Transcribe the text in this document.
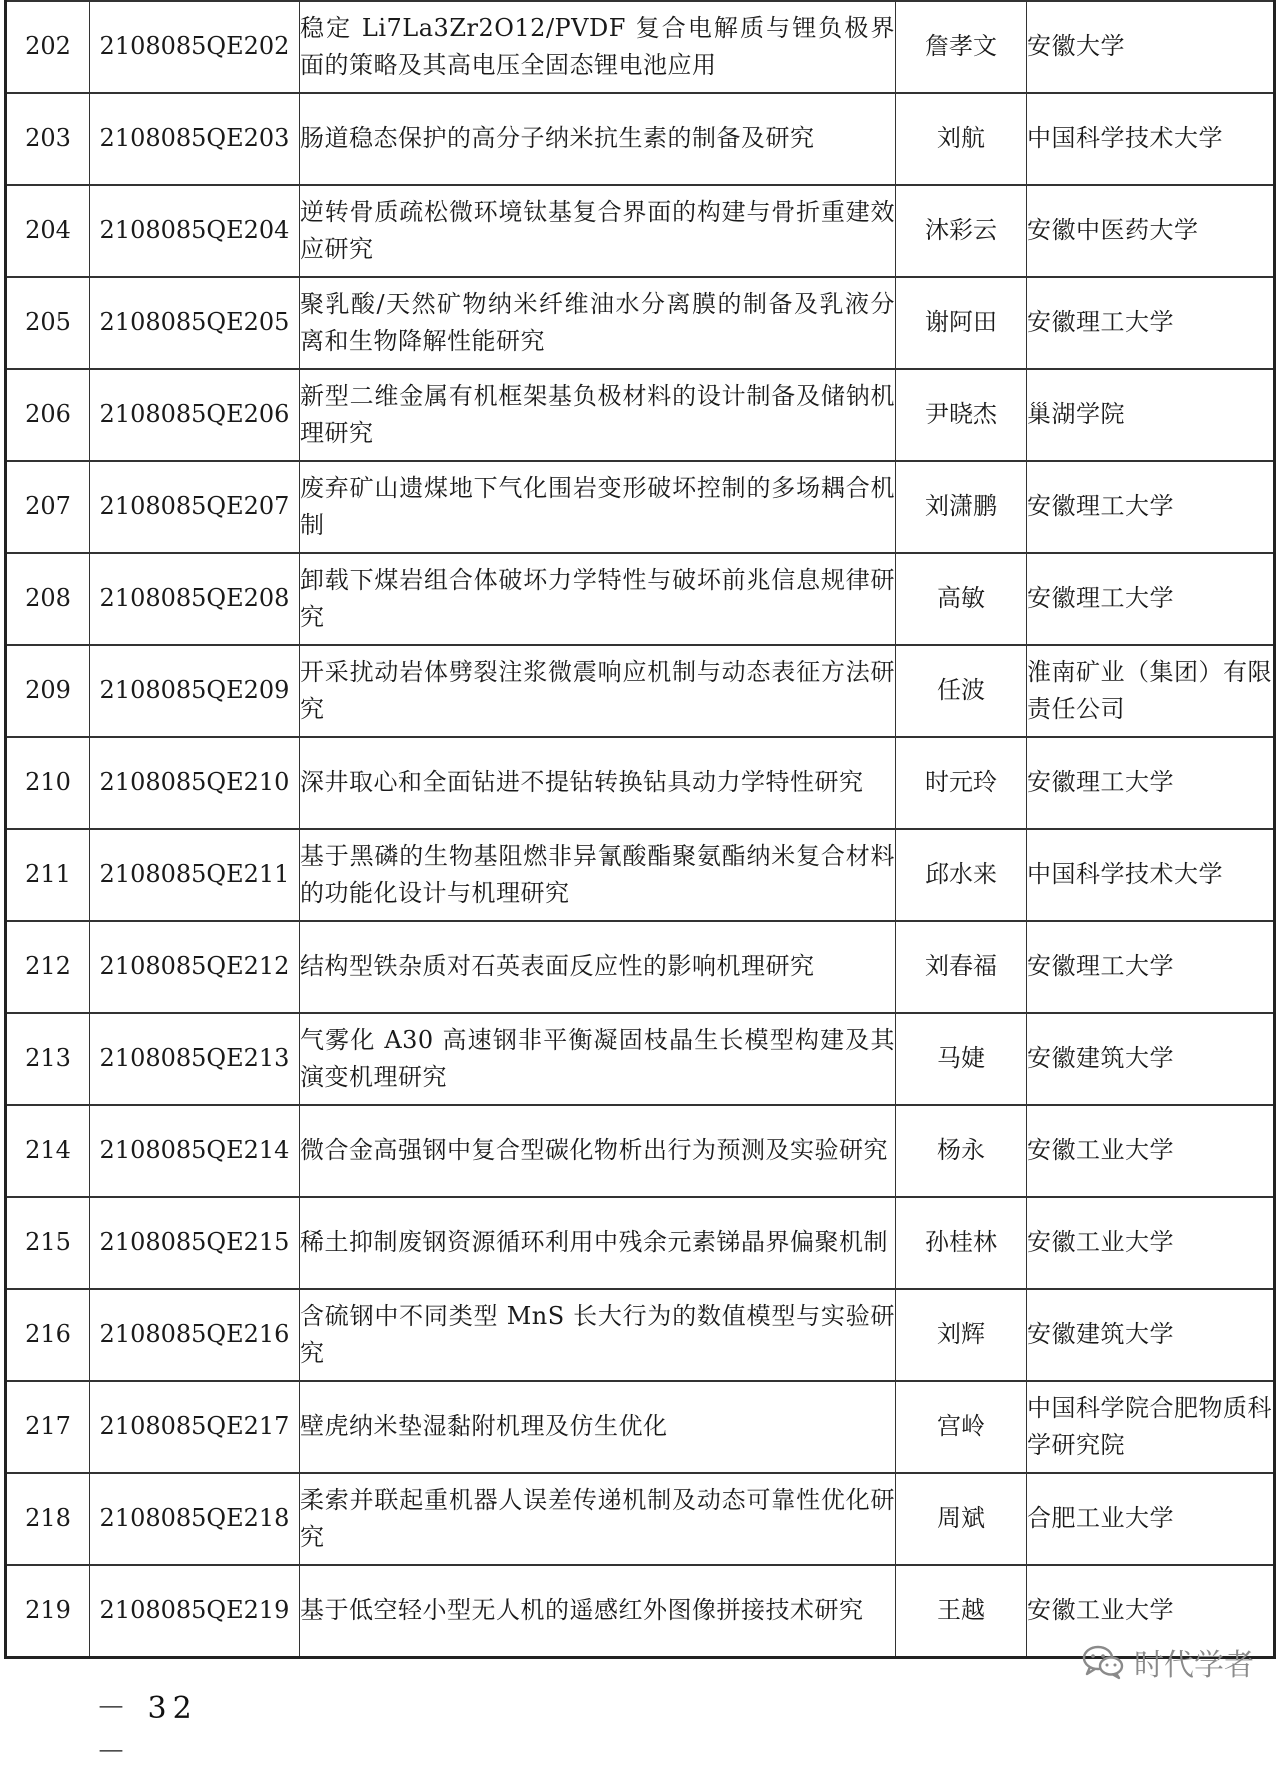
202	2108085QE202	稳定 Li7La3Zr2O12/PVDF 复合电解质与锂负极界面的策略及其高电压全固态锂电池应用	詹孝文	安徽大学
203	2108085QE203	肠道稳态保护的高分子纳米抗生素的制备及研究	刘航	中国科学技术大学
204	2108085QE204	逆转骨质疏松微环境钛基复合界面的构建与骨折重建效应研究	沐彩云	安徽中医药大学
205	2108085QE205	聚乳酸/天然矿物纳米纤维油水分离膜的制备及乳液分离和生物降解性能研究	谢阿田	安徽理工大学
206	2108085QE206	新型二维金属有机框架基负极材料的设计制备及储钠机理研究	尹晓杰	巢湖学院
207	2108085QE207	废弃矿山遗煤地下气化围岩变形破坏控制的多场耦合机制	刘潇鹏	安徽理工大学
208	2108085QE208	卸载下煤岩组合体破坏力学特性与破坏前兆信息规律研究	高敏	安徽理工大学
209	2108085QE209	开采扰动岩体劈裂注浆微震响应机制与动态表征方法研究	任波	淮南矿业（集团）有限责任公司
210	2108085QE210	深井取心和全面钻进不提钻转换钻具动力学特性研究	时元玲	安徽理工大学
211	2108085QE211	基于黑磷的生物基阻燃非异氰酸酯聚氨酯纳米复合材料的功能化设计与机理研究	邱水来	中国科学技术大学
212	2108085QE212	结构型铁杂质对石英表面反应性的影响机理研究	刘春福	安徽理工大学
213	2108085QE213	气雾化 A30 高速钢非平衡凝固枝晶生长模型构建及其演变机理研究	马婕	安徽建筑大学
214	2108085QE214	微合金高强钢中复合型碳化物析出行为预测及实验研究	杨永	安徽工业大学
215	2108085QE215	稀土抑制废钢资源循环利用中残余元素锑晶界偏聚机制	孙桂林	安徽工业大学
216	2108085QE216	含硫钢中不同类型 MnS 长大行为的数值模型与实验研究	刘辉	安徽建筑大学
217	2108085QE217	壁虎纳米垫湿黏附机理及仿生优化	宫岭	中国科学院合肥物质科学研究院
218	2108085QE218	柔索并联起重机器人误差传递机制及动态可靠性优化研究	周斌	合肥工业大学
219	2108085QE219	基于低空轻小型无人机的遥感红外图像拼接技术研究	王越	安徽工业大学
－ 32 －
时代学者
